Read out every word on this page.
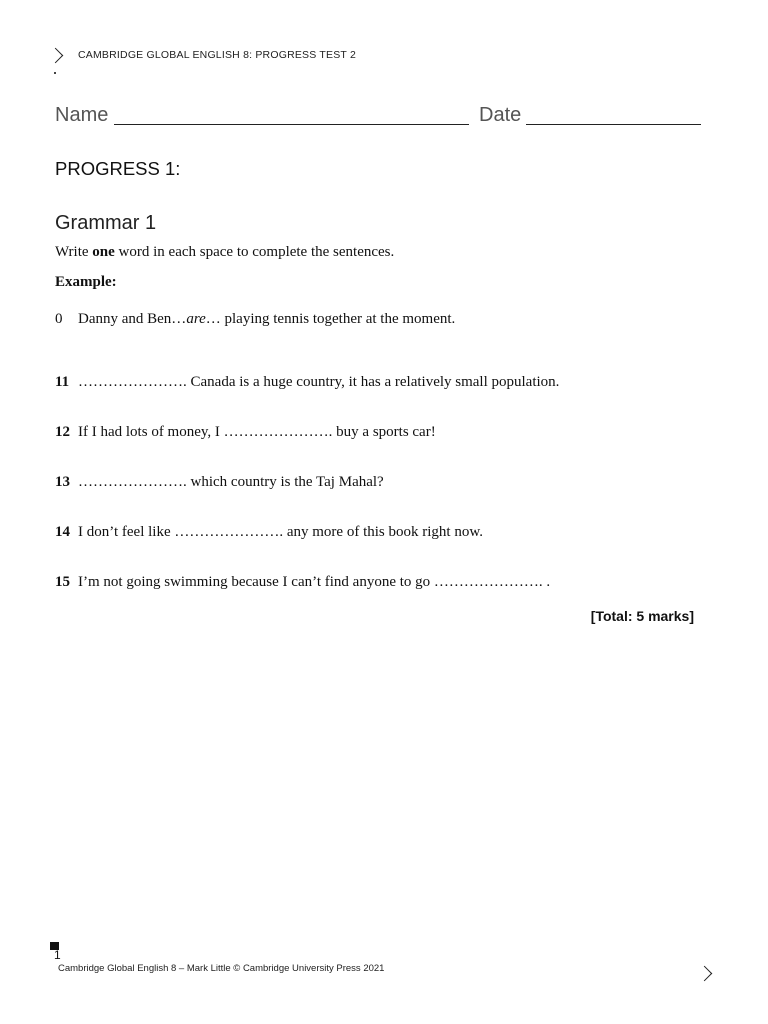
CAMBRIDGE GLOBAL ENGLISH 8: PROGRESS TEST 2
Name	Date
PROGRESS 1:
Grammar 1
Write one word in each space to complete the sentences.
Example:
0 Danny and Ben…are… playing tennis together at the moment.
11 …………………. Canada is a huge country, it has a relatively small population.
12 If I had lots of money, I …………………. buy a sports car!
13 …………………. which country is the Taj Mahal?
14 I don’t feel like …………………. any more of this book right now.
15 I’m not going swimming because I can’t find anyone to go …………………. .
[Total: 5 marks]
1
Cambridge Global English 8 – Mark Little © Cambridge University Press 2021
